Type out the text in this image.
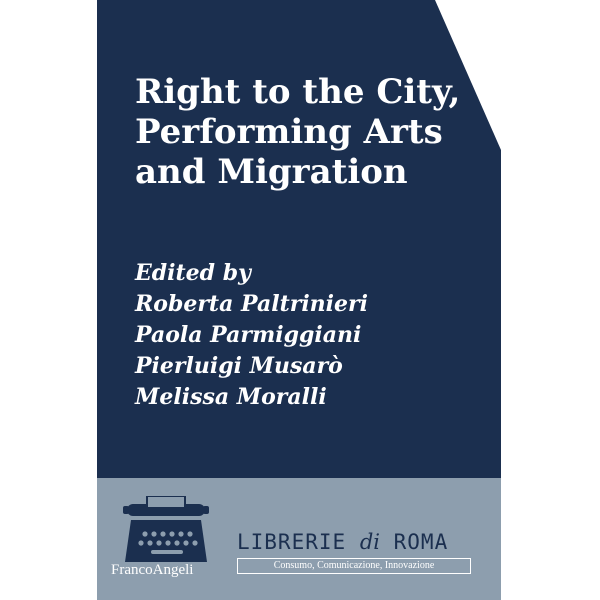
Right to the City,
Performing Arts
and Migration
Edited by
Roberta Paltrinieri
Paola Parmiggiani
Pierluigi Musarò
Melissa Moralli
FrancoAngeli
LIBRERIE di ROMA
Consumo, Comunicazione, Innovazione
